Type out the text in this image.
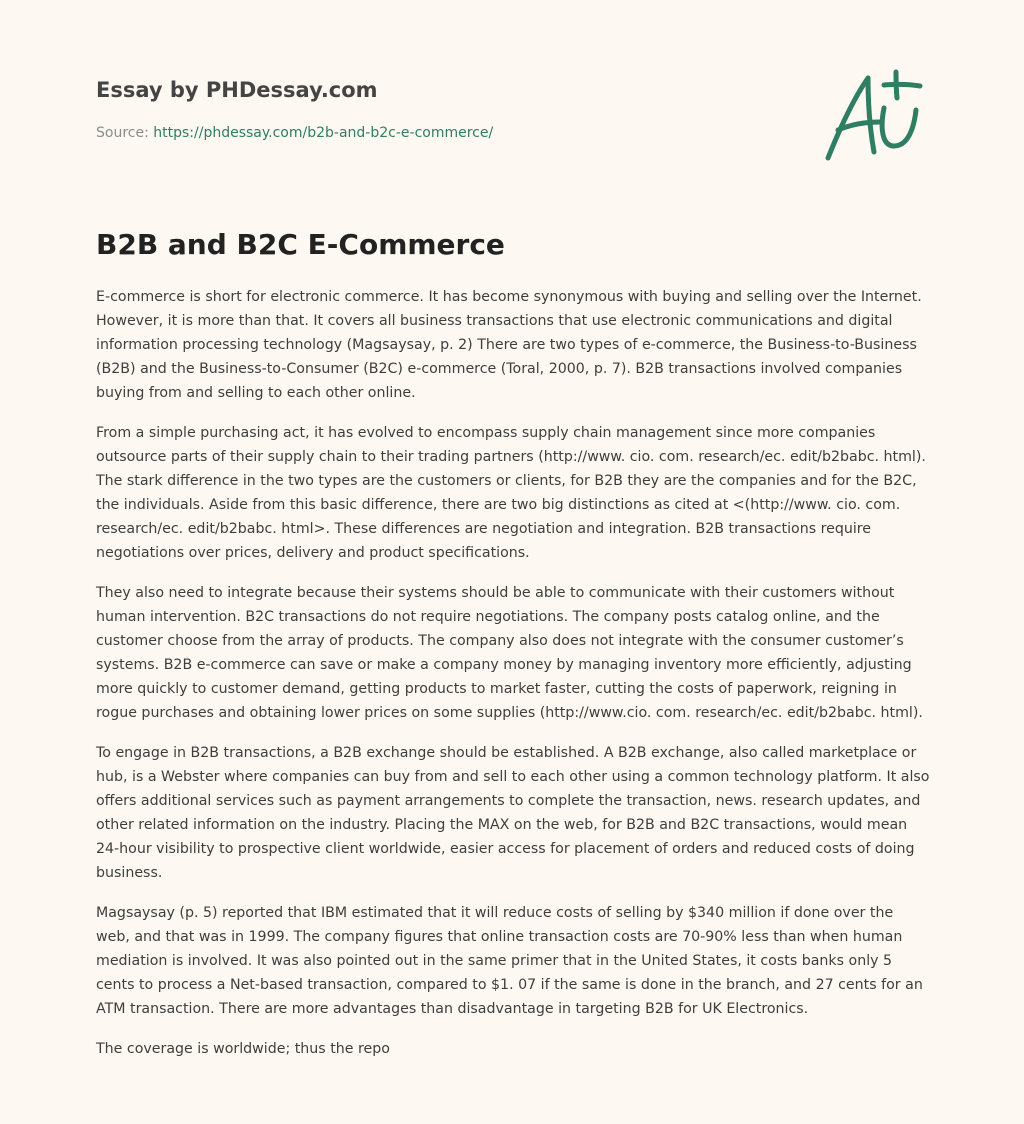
Essay by PHDessay.com
Source: https://phdessay.com/b2b-and-b2c-e-commerce/
B2B and B2C E-Commerce

E-commerce is short for electronic commerce. It has become synonymous with buying and selling over the Internet. However, it is more than that. It covers all business transactions that use electronic communications and digital information processing technology (Magsaysay, p. 2) There are two types of e-commerce, the Business-to-Business (B2B) and the Business-to-Consumer (B2C) e-commerce (Toral, 2000, p. 7). B2B transactions involved companies buying from and selling to each other online.

From a simple purchasing act, it has evolved to encompass supply chain management since more companies outsource parts of their supply chain to their trading partners (http://www. cio. com. research/ec. edit/b2babc. html). The stark difference in the two types are the customers or clients, for B2B they are the companies and for the B2C, the individuals. Aside from this basic difference, there are two big distinctions as cited at <(http://www. cio. com. research/ec. edit/b2babc. html>. These differences are negotiation and integration. B2B transactions require negotiations over prices, delivery and product specifications.

They also need to integrate because their systems should be able to communicate with their customers without human intervention. B2C transactions do not require negotiations. The company posts catalog online, and the customer choose from the array of products. The company also does not integrate with the consumer customer’s systems. B2B e-commerce can save or make a company money by managing inventory more efficiently, adjusting more quickly to customer demand, getting products to market faster, cutting the costs of paperwork, reigning in rogue purchases and obtaining lower prices on some supplies (http://www.cio. com. research/ec. edit/b2babc. html).

To engage in B2B transactions, a B2B exchange should be established. A B2B exchange, also called marketplace or hub, is a Webster where companies can buy from and sell to each other using a common technology platform. It also offers additional services such as payment arrangements to complete the transaction, news. research updates, and other related information on the industry. Placing the MAX on the web, for B2B and B2C transactions, would mean 24-hour visibility to prospective client worldwide, easier access for placement of orders and reduced costs of doing business.

Magsaysay (p. 5) reported that IBM estimated that it will reduce costs of selling by $340 million if done over the web, and that was in 1999. The company figures that online transaction costs are 70-90% less than when human mediation is involved. It was also pointed out in the same primer that in the United States, it costs banks only 5 cents to process a Net-based transaction, compared to $1. 07 if the same is done in the branch, and 27 cents for an ATM transaction. There are more advantages than disadvantage in targeting B2B for UK Electronics.

The coverage is worldwide; thus the repo
